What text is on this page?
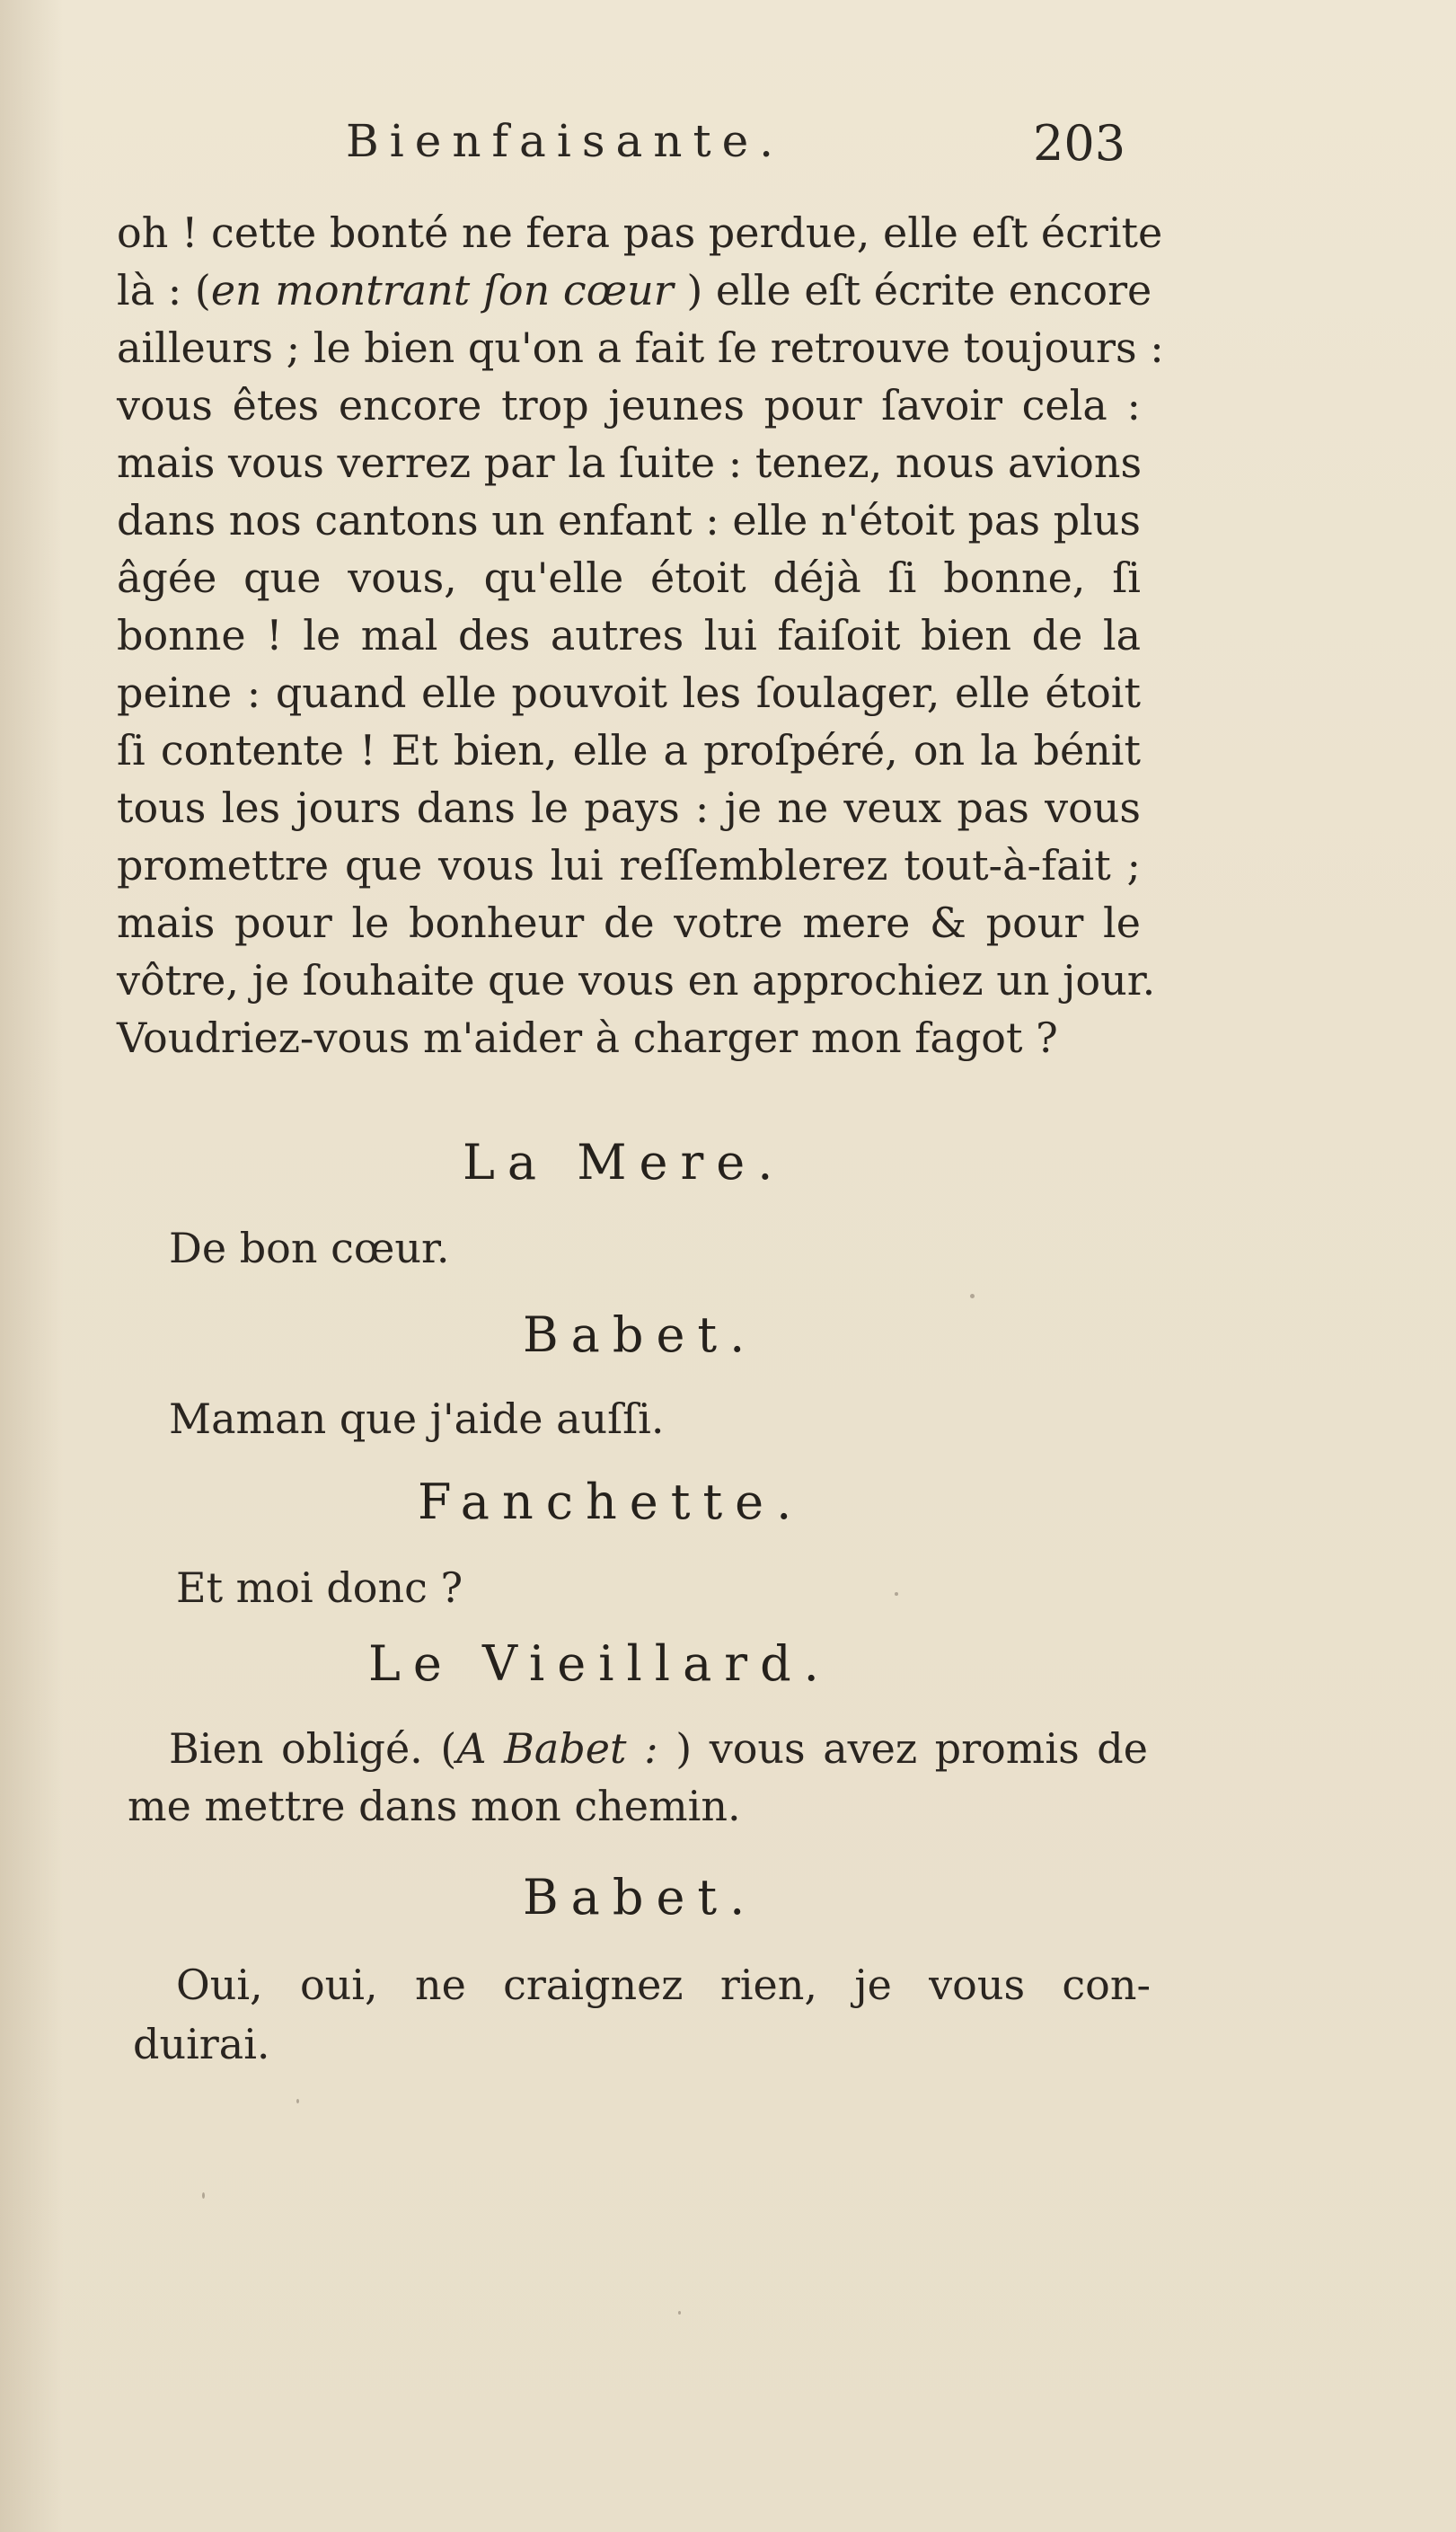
Bienfaisante.	203
oh ! cette bonté ne fera pas perdue, elle eſt écrite
là : (en montrant ſon cœur ) elle eſt écrite encore
ailleurs ; le bien qu'on a fait ſe retrouve toujours :
vous êtes encore trop jeunes pour ſavoir cela :
mais vous verrez par la ſuite : tenez, nous avions
dans nos cantons un enfant : elle n'étoit pas plus
âgée que vous, qu'elle étoit déjà ſi bonne, ſi
bonne ! le mal des autres lui faiſoit bien de la
peine : quand elle pouvoit les ſoulager, elle étoit
ſi contente ! Et bien, elle a proſpéré, on la bénit
tous les jours dans le pays : je ne veux pas vous
promettre que vous lui reſſemblerez tout-à-fait ;
mais pour le bonheur de votre mere & pour le
vôtre, je ſouhaite que vous en approchiez un jour.
Voudriez-vous m'aider à charger mon fagot ?
La Mere.
De bon cœur.
Babet.
Maman que j'aide auſſi.
Fanchette.
Et moi donc ?
Le Vieillard.
Bien obligé. (A Babet : ) vous avez promis de
me mettre dans mon chemin.
Babet.
Oui, oui, ne craignez rien, je vous con-
duirai.
